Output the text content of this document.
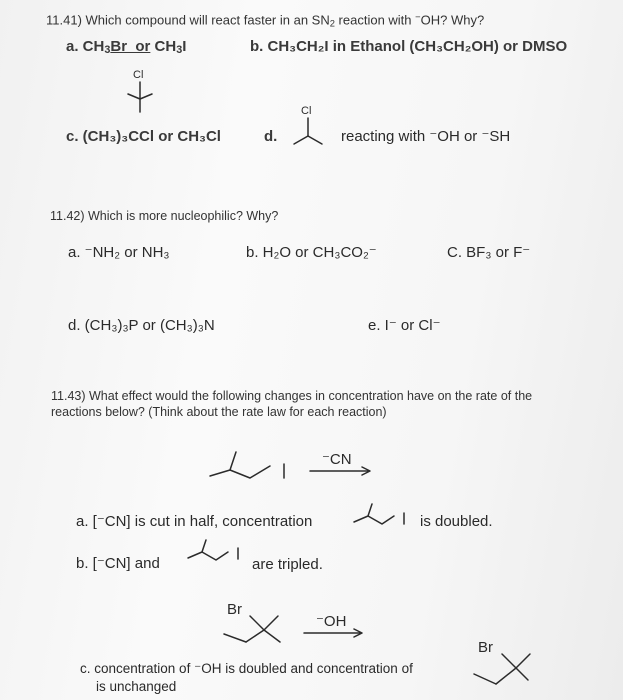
11.41) Which compound will react faster in an $SN_2$ reaction with −OH? Why?
a. $CH_3Br\_or$ $CH_3I$	b. CH₃CH₂I in Ethanol (CH₃CH₂OH) or DMSO
Cl
c. (CH₃)₃CCl or CH₃Cl	d.
Cl
reacting with ⁻OH or ⁻SH
11.42) Which is more nucleophilic? Why?
a. ⁻NH₂ or NH₃	b. H₂O or CH₃CO₂⁻	C. BF₃ or F⁻
d. (CH₃)₃P or (CH₃)₃N	e. I⁻ or Cl⁻
11.43) What effect would the following changes in concentration have on the rate of the
reactions below? (Think about the rate law for each reaction)
⁻CN
a. [⁻CN] is cut in half, concentration	is doubled.
b. [⁻CN] and	are tripled.
Br
⁻OH
c. concentration of ⁻OH is doubled and concentration of
is unchanged
Br
